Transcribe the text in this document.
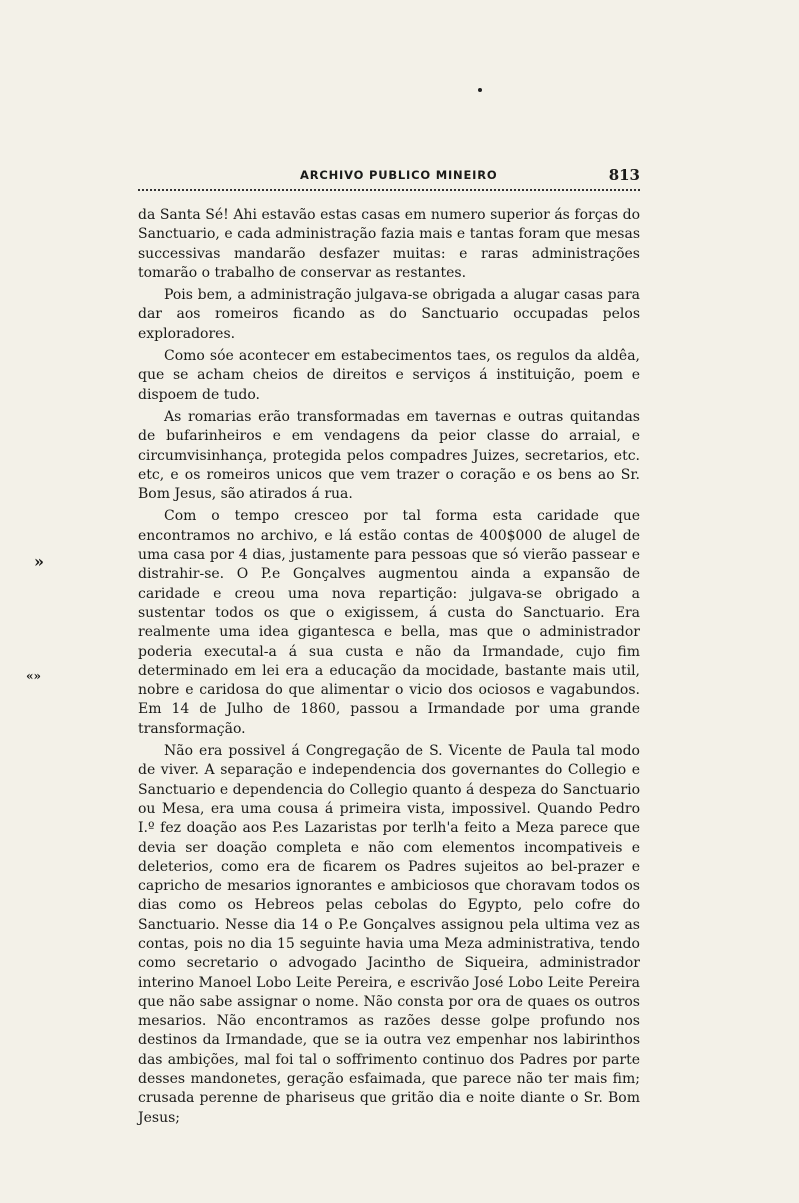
ARCHIVO PUBLICO MINEIRO	813
»
«»

da Santa Sé! Ahi estavão estas casas em numero superior ás forças do Sanctuario, e cada administração fazia mais e tantas foram que mesas successivas mandarão desfazer muitas: e raras administrações tomarão o trabalho de conservar as restantes.

Pois bem, a administração julgava-se obrigada a alugar casas para dar aos romeiros ficando as do Sanctuario occupadas pelos exploradores.

Como sóe acontecer em estabecimentos taes, os regulos da aldêa, que se acham cheios de direitos e serviços á instituição, poem e dispoem de tudo.

As romarias erão transformadas em tavernas e outras quitandas de bufarinheiros e em vendagens da peior classe do arraial, e circumvisinhança, protegida pelos compadres Juizes, secretarios, etc. etc, e os romeiros unicos que vem trazer o coração e os bens ao Sr. Bom Jesus, são atirados á rua.

Com o tempo cresceo por tal forma esta caridade que encontramos no archivo, e lá estão contas de 400$000 de alugel de uma casa por 4 dias, justamente para pessoas que só vierão passear e distrahir-se. O P.e Gonçalves augmentou ainda a expansão de caridade e creou uma nova repartição: julgava-se obrigado a sustentar todos os que o exigissem, á custa do Sanctuario. Era realmente uma idea gigantesca e bella, mas que o administrador poderia executal-a á sua custa e não da Irmandade, cujo fim determinado em lei era a educação da mocidade, bastante mais util, nobre e caridosa do que alimentar o vicio dos ociosos e vagabundos. Em 14 de Julho de 1860, passou a Irmandade por uma grande transformação.

Não era possivel á Congregação de S. Vicente de Paula tal modo de viver. A separação e independencia dos governantes do Collegio e Sanctuario e dependencia do Collegio quanto á despeza do Sanctuario ou Mesa, era uma cousa á primeira vista, impossivel. Quando Pedro I.º fez doação aos P.es Lazaristas por terlh'a feito a Meza parece que devia ser doação completa e não com elementos incompativeis e deleterios, como era de ficarem os Padres sujeitos ao bel-prazer e capricho de mesarios ignorantes e ambiciosos que choravam todos os dias como os Hebreos pelas cebolas do Egypto, pelo cofre do Sanctuario. Nesse dia 14 o P.e Gonçalves assignou pela ultima vez as contas, pois no dia 15 seguinte havia uma Meza administrativa, tendo como secretario o advogado Jacintho de Siqueira, administrador interino Manoel Lobo Leite Pereira, e escrivão José Lobo Leite Pereira que não sabe assignar o nome. Não consta por ora de quaes os outros mesarios. Não encontramos as razões desse golpe profundo nos destinos da Irmandade, que se ia outra vez empenhar nos labirinthos das ambições, mal foi tal o soffrimento continuo dos Padres por parte desses mandonetes, geração esfaimada, que parece não ter mais fim; crusada perenne de phariseus que gritão dia e noite diante o Sr. Bom Jesus;
